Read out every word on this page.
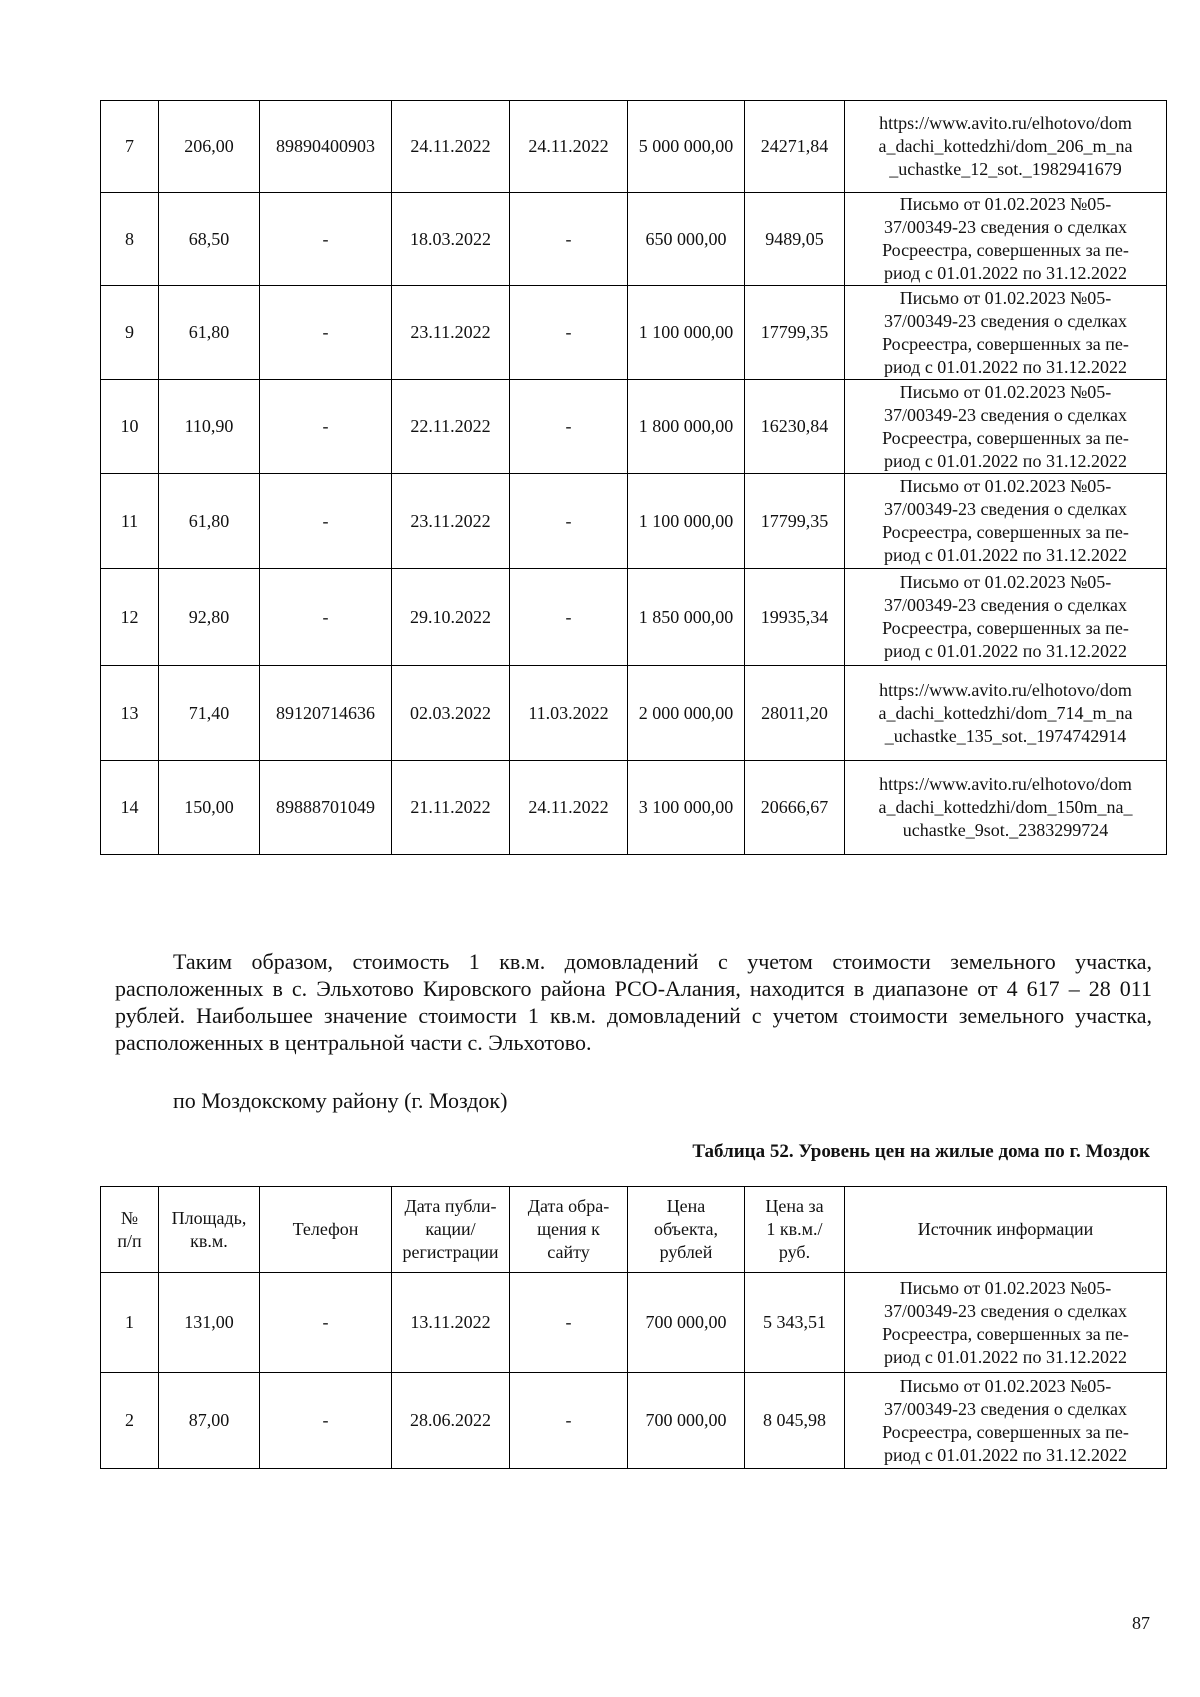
7	206,00	89890400903	24.11.2022	24.11.2022	5 000 000,00	24271,84	https://www.avito.ru/elhotovo/dom
a_dachi_kottedzhi/dom_206_m_na
_uchastke_12_sot._1982941679

8	68,50	-	18.03.2022	-	650 000,00	9489,05	Письмо от 01.02.2023 №05-
37/00349-23 сведения о сделках
Росреестра, совершенных за пе-
риод с 01.01.2022 по 31.12.2022

9	61,80	-	23.11.2022	-	1 100 000,00	17799,35	Письмо от 01.02.2023 №05-
37/00349-23 сведения о сделках
Росреестра, совершенных за пе-
риод с 01.01.2022 по 31.12.2022

10	110,90	-	22.11.2022	-	1 800 000,00	16230,84	Письмо от 01.02.2023 №05-
37/00349-23 сведения о сделках
Росреестра, совершенных за пе-
риод с 01.01.2022 по 31.12.2022

11	61,80	-	23.11.2022	-	1 100 000,00	17799,35	Письмо от 01.02.2023 №05-
37/00349-23 сведения о сделках
Росреестра, совершенных за пе-
риод с 01.01.2022 по 31.12.2022

12	92,80	-	29.10.2022	-	1 850 000,00	19935,34	Письмо от 01.02.2023 №05-
37/00349-23 сведения о сделках
Росреестра, совершенных за пе-
риод с 01.01.2022 по 31.12.2022

13	71,40	89120714636	02.03.2022	11.03.2022	2 000 000,00	28011,20	https://www.avito.ru/elhotovo/dom
a_dachi_kottedzhi/dom_714_m_na
_uchastke_135_sot._1974742914

14	150,00	89888701049	21.11.2022	24.11.2022	3 100 000,00	20666,67	https://www.avito.ru/elhotovo/dom
a_dachi_kottedzhi/dom_150m_na_
uchastke_9sot._2383299724

Таким образом, стоимость 1 кв.м. домовладений с учетом стоимости земельного участка, расположенных в с. Эльхотово Кировского района РСО-Алания, находится в диапазоне от 4 617 – 28 011 рублей. Наибольшее значение стоимости 1 кв.м. домовладений с учетом стоимости земельного участка, расположенных в центральной части с. Эльхотово.

по Моздокскому району (г. Моздок)

Таблица 52. Уровень цен на жилые дома по г. Моздок

№
п/п	Площадь,
кв.м.	Телефон	Дата публи-
кации/
регистрации	Дата обра-
щения к
сайту	Цена
объекта,
рублей	Цена за
1 кв.м./
руб.	Источник информации

1	131,00	-	13.11.2022	-	700 000,00	5 343,51	Письмо от 01.02.2023 №05-
37/00349-23 сведения о сделках
Росреестра, совершенных за пе-
риод с 01.01.2022 по 31.12.2022

2	87,00	-	28.06.2022	-	700 000,00	8 045,98	Письмо от 01.02.2023 №05-
37/00349-23 сведения о сделках
Росреестра, совершенных за пе-
риод с 01.01.2022 по 31.12.2022

87
